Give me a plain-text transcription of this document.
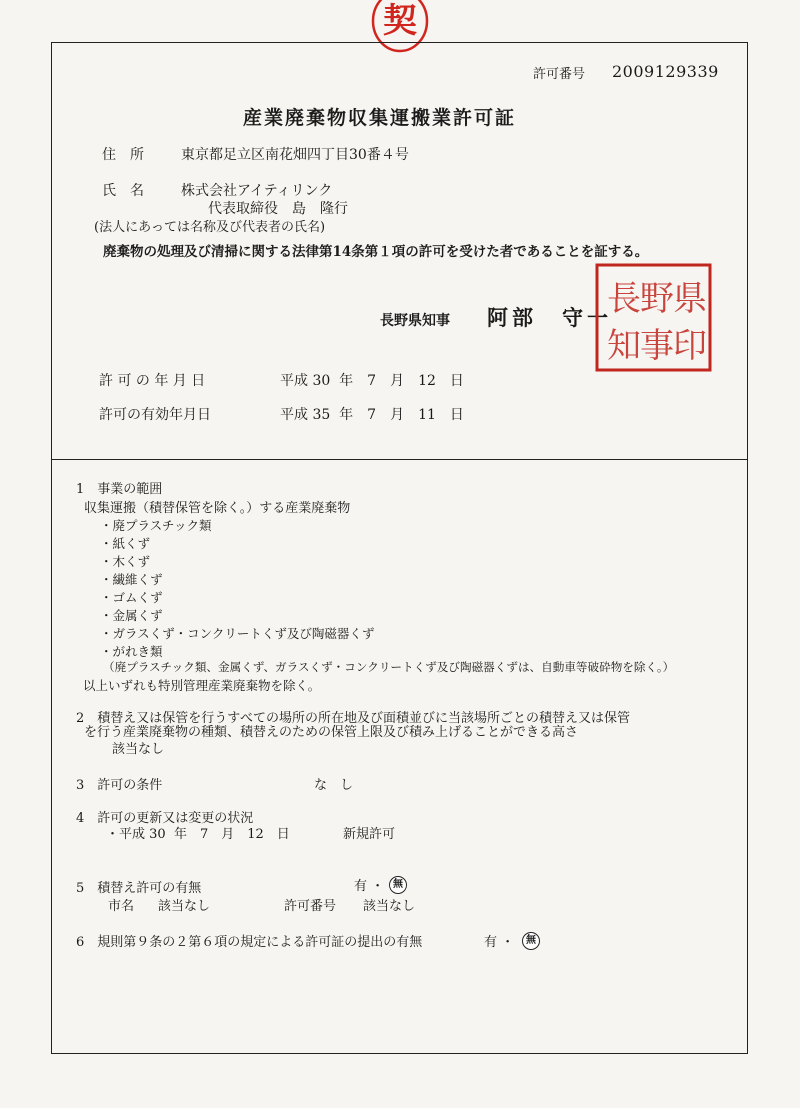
契
許可番号 2009129339
産業廃棄物収集運搬業許可証
住　所	東京都足立区南花畑四丁目30番４号
氏　名	株式会社アイティリンク
代表取締役　島　隆行
(法人にあっては名称及び代表者の氏名)
廃棄物の処理及び清掃に関する法律第14条第１項の許可を受けた者であることを証する。
長野県知事 阿部　守一
長 野 県
知 事 印
許 可 の 年 月 日	平成 30  年　7　月　12　日
許可の有効年月日	平成 35  年　7　月　11　日
1　事業の範囲
収集運搬（積替保管を除く。）する産業廃棄物
・廃プラスチック類
・紙くず
・木くず
・繊維くず
・ゴムくず
・金属くず
・ガラスくず・コンクリートくず及び陶磁器くず
・がれき類
（廃プラスチック類、金属くず、ガラスくず・コンクリートくず及び陶磁器くずは、自動車等破砕物を除く。）
以上いずれも特別管理産業廃棄物を除く。
2　積替え又は保管を行うすべての場所の所在地及び面積並びに当該場所ごとの積替え又は保管
を行う産業廃棄物の種類、積替えのための保管上限及び積み上げることができる高さ
該当なし
3　許可の条件	な　し
4　許可の更新又は変更の状況
・平成 30  年　7　月　12　日	新規許可
5　積替え許可の有無	有 ・ 無
市名 該当なし	許可番号 該当なし
6　規則第９条の２第６項の規定による許可証の提出の有無	有 ・	無
